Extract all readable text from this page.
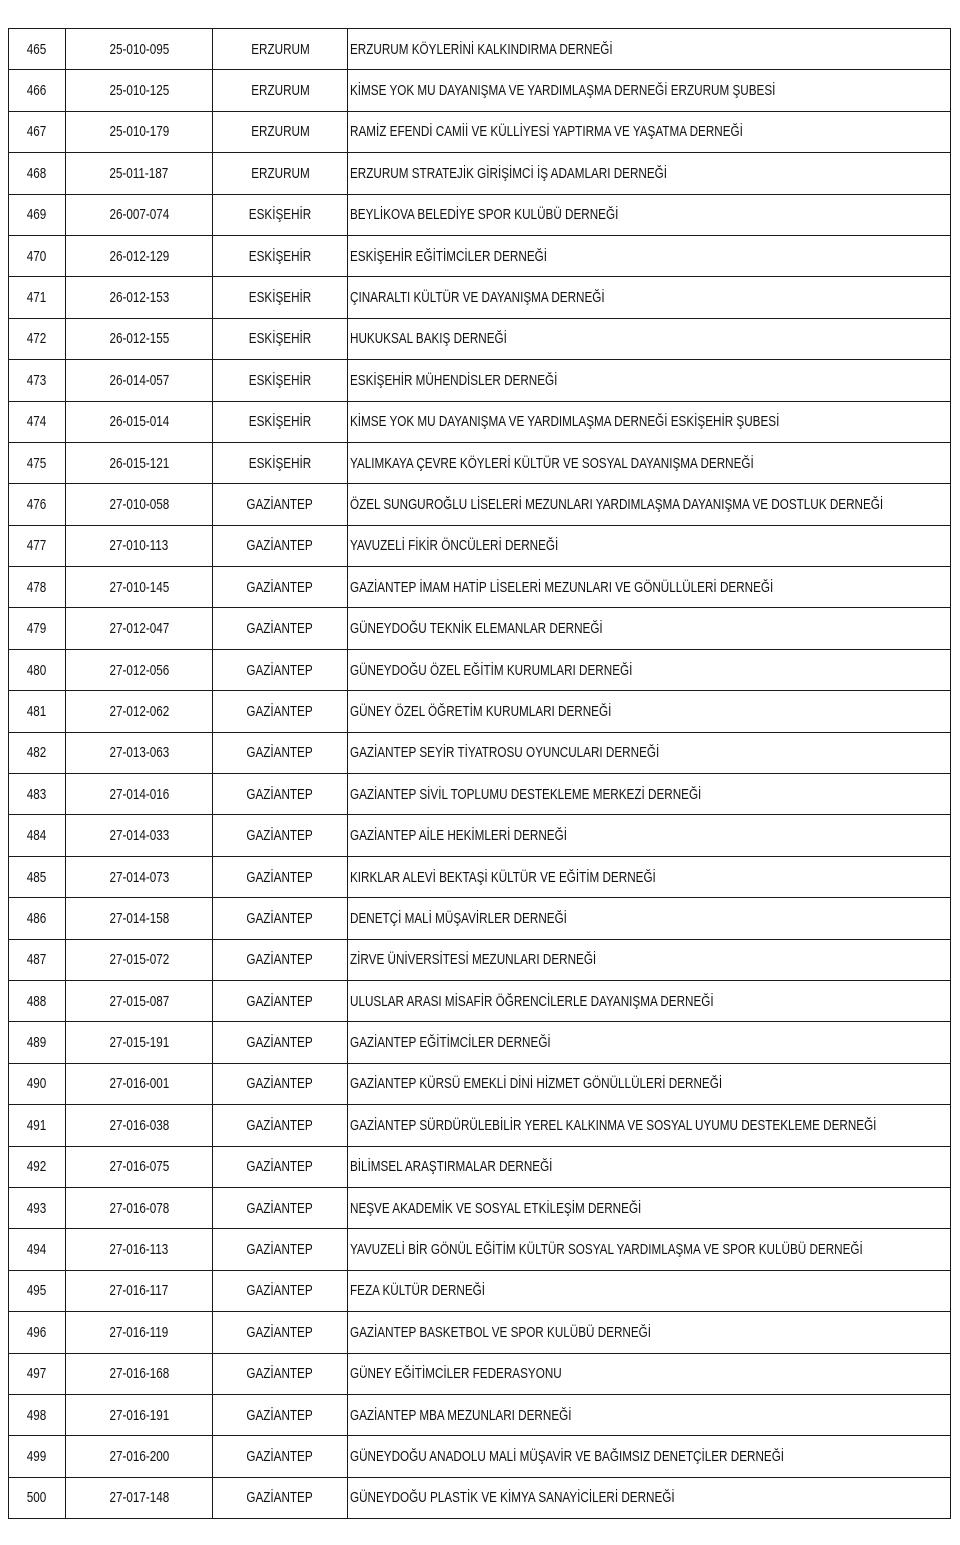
465	25-010-095	ERZURUM	ERZURUM KÖYLERİNİ KALKINDIRMA DERNEĞİ
466	25-010-125	ERZURUM	KİMSE YOK MU DAYANIŞMA VE YARDIMLAŞMA DERNEĞİ ERZURUM ŞUBESİ
467	25-010-179	ERZURUM	RAMİZ EFENDİ CAMİİ VE KÜLLİYESİ YAPTIRMA VE YAŞATMA DERNEĞİ
468	25-011-187	ERZURUM	ERZURUM STRATEJİK GİRİŞİMCİ İŞ ADAMLARI DERNEĞİ
469	26-007-074	ESKİŞEHİR	BEYLİKOVA BELEDİYE SPOR KULÜBÜ DERNEĞİ
470	26-012-129	ESKİŞEHİR	ESKİŞEHİR EĞİTİMCİLER DERNEĞİ
471	26-012-153	ESKİŞEHİR	ÇINARALTI KÜLTÜR VE DAYANIŞMA DERNEĞİ
472	26-012-155	ESKİŞEHİR	HUKUKSAL BAKIŞ DERNEĞİ
473	26-014-057	ESKİŞEHİR	ESKİŞEHİR MÜHENDİSLER DERNEĞİ
474	26-015-014	ESKİŞEHİR	KİMSE YOK MU DAYANIŞMA VE YARDIMLAŞMA DERNEĞİ ESKİŞEHİR ŞUBESİ
475	26-015-121	ESKİŞEHİR	YALIMKAYA ÇEVRE KÖYLERİ KÜLTÜR VE SOSYAL DAYANIŞMA DERNEĞİ
476	27-010-058	GAZİANTEP	ÖZEL SUNGUROĞLU LİSELERİ MEZUNLARI YARDIMLAŞMA DAYANIŞMA VE DOSTLUK DERNEĞİ
477	27-010-113	GAZİANTEP	YAVUZELİ FİKİR ÖNCÜLERİ DERNEĞİ
478	27-010-145	GAZİANTEP	GAZİANTEP İMAM HATİP LİSELERİ MEZUNLARI VE GÖNÜLLÜLERİ DERNEĞİ
479	27-012-047	GAZİANTEP	GÜNEYDOĞU TEKNİK ELEMANLAR DERNEĞİ
480	27-012-056	GAZİANTEP	GÜNEYDOĞU ÖZEL EĞİTİM KURUMLARI DERNEĞİ
481	27-012-062	GAZİANTEP	GÜNEY ÖZEL ÖĞRETİM KURUMLARI DERNEĞİ
482	27-013-063	GAZİANTEP	GAZİANTEP SEYİR TİYATROSU OYUNCULARI DERNEĞİ
483	27-014-016	GAZİANTEP	GAZİANTEP SİVİL TOPLUMU DESTEKLEME MERKEZİ DERNEĞİ
484	27-014-033	GAZİANTEP	GAZİANTEP AİLE HEKİMLERİ DERNEĞİ
485	27-014-073	GAZİANTEP	KIRKLAR ALEVİ BEKTAŞİ KÜLTÜR VE EĞİTİM DERNEĞİ
486	27-014-158	GAZİANTEP	DENETÇİ MALİ MÜŞAVİRLER DERNEĞİ
487	27-015-072	GAZİANTEP	ZİRVE ÜNİVERSİTESİ MEZUNLARI DERNEĞİ
488	27-015-087	GAZİANTEP	ULUSLAR ARASI MİSAFİR ÖĞRENCİLERLE DAYANIŞMA DERNEĞİ
489	27-015-191	GAZİANTEP	GAZİANTEP EĞİTİMCİLER DERNEĞİ
490	27-016-001	GAZİANTEP	GAZİANTEP KÜRSÜ EMEKLİ DİNİ HİZMET GÖNÜLLÜLERİ DERNEĞİ
491	27-016-038	GAZİANTEP	GAZİANTEP SÜRDÜRÜLEBİLİR YEREL KALKINMA VE SOSYAL UYUMU DESTEKLEME DERNEĞİ
492	27-016-075	GAZİANTEP	BİLİMSEL ARAŞTIRMALAR DERNEĞİ
493	27-016-078	GAZİANTEP	NEŞVE AKADEMİK VE SOSYAL ETKİLEŞİM DERNEĞİ
494	27-016-113	GAZİANTEP	YAVUZELİ BİR GÖNÜL EĞİTİM KÜLTÜR SOSYAL YARDIMLAŞMA VE SPOR KULÜBÜ DERNEĞİ
495	27-016-117	GAZİANTEP	FEZA KÜLTÜR DERNEĞİ
496	27-016-119	GAZİANTEP	GAZİANTEP BASKETBOL VE SPOR KULÜBÜ DERNEĞİ
497	27-016-168	GAZİANTEP	GÜNEY EĞİTİMCİLER FEDERASYONU
498	27-016-191	GAZİANTEP	GAZİANTEP MBA MEZUNLARI DERNEĞİ
499	27-016-200	GAZİANTEP	GÜNEYDOĞU ANADOLU MALİ MÜŞAVİR VE BAĞIMSIZ DENETÇİLER DERNEĞİ
500	27-017-148	GAZİANTEP	GÜNEYDOĞU PLASTİK VE KİMYA SANAYİCİLERİ DERNEĞİ
